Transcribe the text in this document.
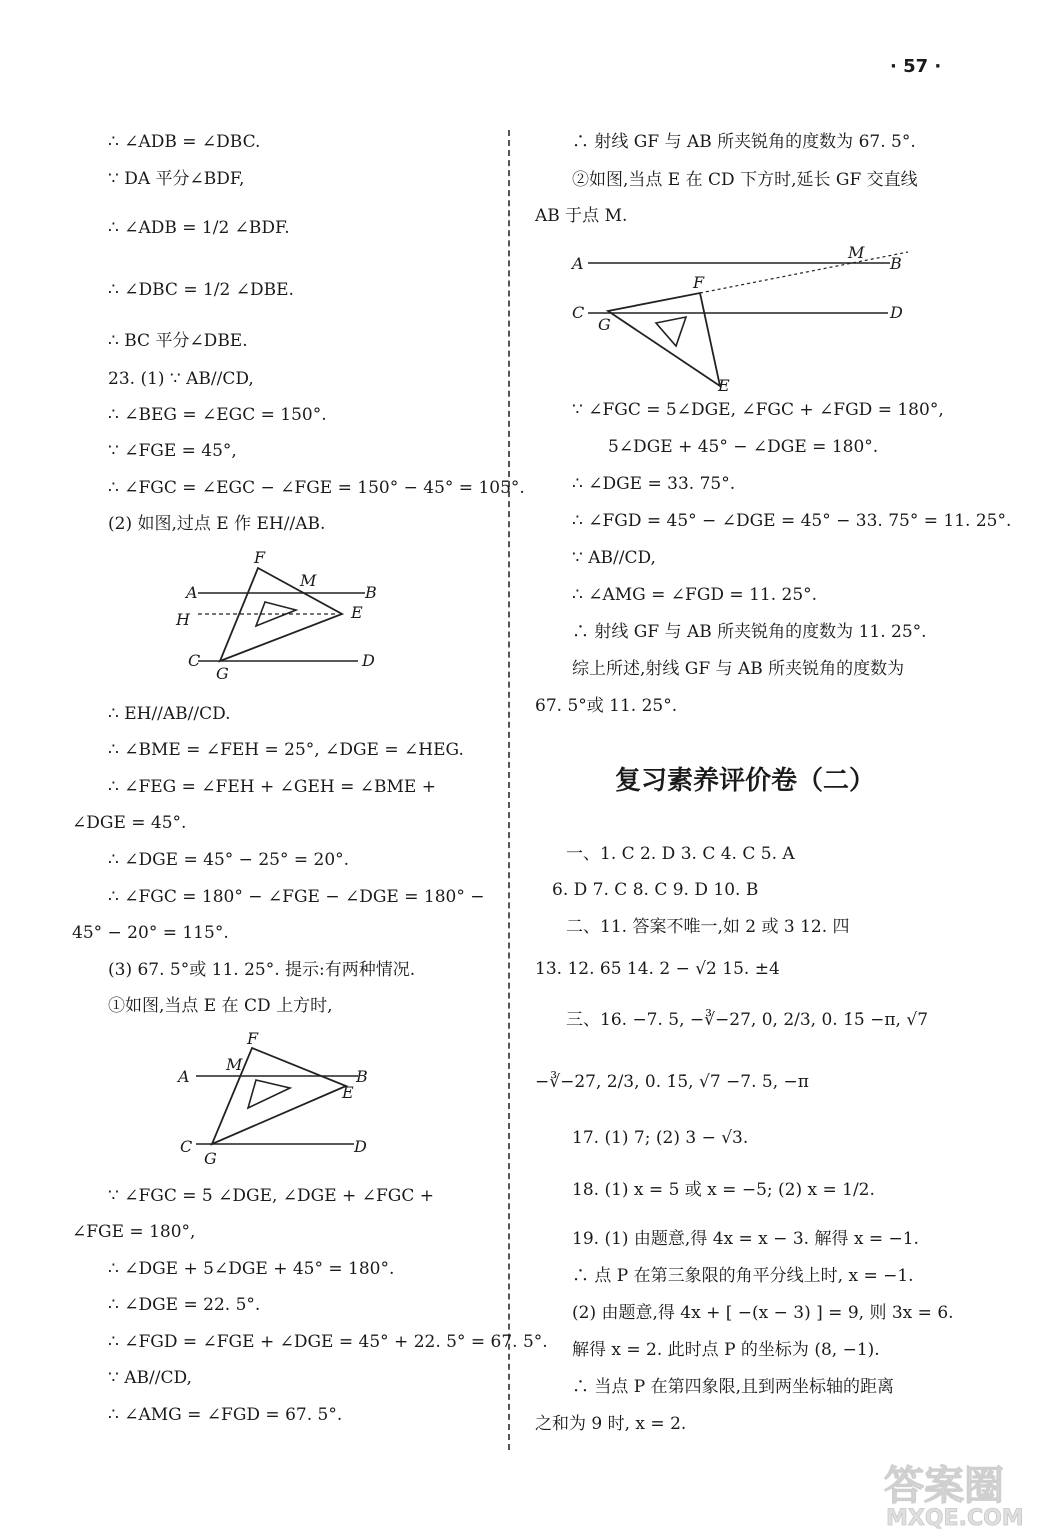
· 57 ·
∴ ∠ADB = ∠DBC.
∵ DA 平分∠BDF,
∴ ∠ADB = 1/2 ∠BDF.
∴ ∠DBC = 1/2 ∠DBE.
∴ BC 平分∠DBE.
23. (1) ∵ AB//CD,
∴ ∠BEG = ∠EGC = 150°.
∵ ∠FGE = 45°,
∴ ∠FGC = ∠EGC − ∠FGE = 150° − 45° = 105°.
(2) 如图,过点 E 作 EH//AB.
F
M
A	B
H	E
C
G
D
∴ EH//AB//CD.
∴ ∠BME = ∠FEH = 25°, ∠DGE = ∠HEG.
∴ ∠FEG = ∠FEH + ∠GEH = ∠BME +
∠DGE = 45°.
∴ ∠DGE = 45° − 25° = 20°.
∴ ∠FGC = 180° − ∠FGE − ∠DGE = 180° −
45° − 20° = 115°.
(3) 67. 5°或 11. 25°. 提示:有两种情况.
①如图,当点 E 在 CD 上方时,
F
M
A	B
E
C
G
D
∵ ∠FGC = 5 ∠DGE, ∠DGE + ∠FGC +
∠FGE = 180°,
∴ ∠DGE + 5∠DGE + 45° = 180°.
∴ ∠DGE = 22. 5°.
∴ ∠FGD = ∠FGE + ∠DGE = 45° + 22. 5° = 67. 5°.
∵ AB//CD,
∴ ∠AMG = ∠FGD = 67. 5°.
∴ 射线 GF 与 AB 所夹锐角的度数为 67. 5°.
②如图,当点 E 在 CD 下方时,延长 GF 交直线
AB 于点 M.
A
M
B
F
C
G
D
E
∵ ∠FGC = 5∠DGE, ∠FGC + ∠FGD = 180°,
5∠DGE + 45° − ∠DGE = 180°.
∴ ∠DGE = 33. 75°.
∴ ∠FGD = 45° − ∠DGE = 45° − 33. 75° = 11. 25°.
∵ AB//CD,
∴ ∠AMG = ∠FGD = 11. 25°.
∴ 射线 GF 与 AB 所夹锐角的度数为 11. 25°.
综上所述,射线 GF 与 AB 所夹锐角的度数为
67. 5°或 11. 25°.
复习素养评价卷（二）
一、1. C 2. D 3. C 4. C 5. A
6. D 7. C 8. C 9. D 10. B
二、11. 答案不唯一,如 2 或 3 12. 四
13. 12. 65 14. 2 − √2 15. ±4
三、16. −7. 5, −∛−27, 0, 2/3, 0. 1̇5̇ −π, √7
−∛−27, 2/3, 0. 1̇5̇, √7 −7. 5, −π
17. (1) 7; (2) 3 − √3.
18. (1) x = 5 或 x = −5; (2) x = 1/2.
19. (1) 由题意,得 4x = x − 3. 解得 x = −1.
∴ 点 P 在第三象限的角平分线上时, x = −1.
(2) 由题意,得 4x + [ −(x − 3) ] = 9, 则 3x = 6.
解得 x = 2. 此时点 P 的坐标为 (8, −1).
∴ 当点 P 在第四象限,且到两坐标轴的距离
之和为 9 时, x = 2.
答案圈
MXQE.COM
